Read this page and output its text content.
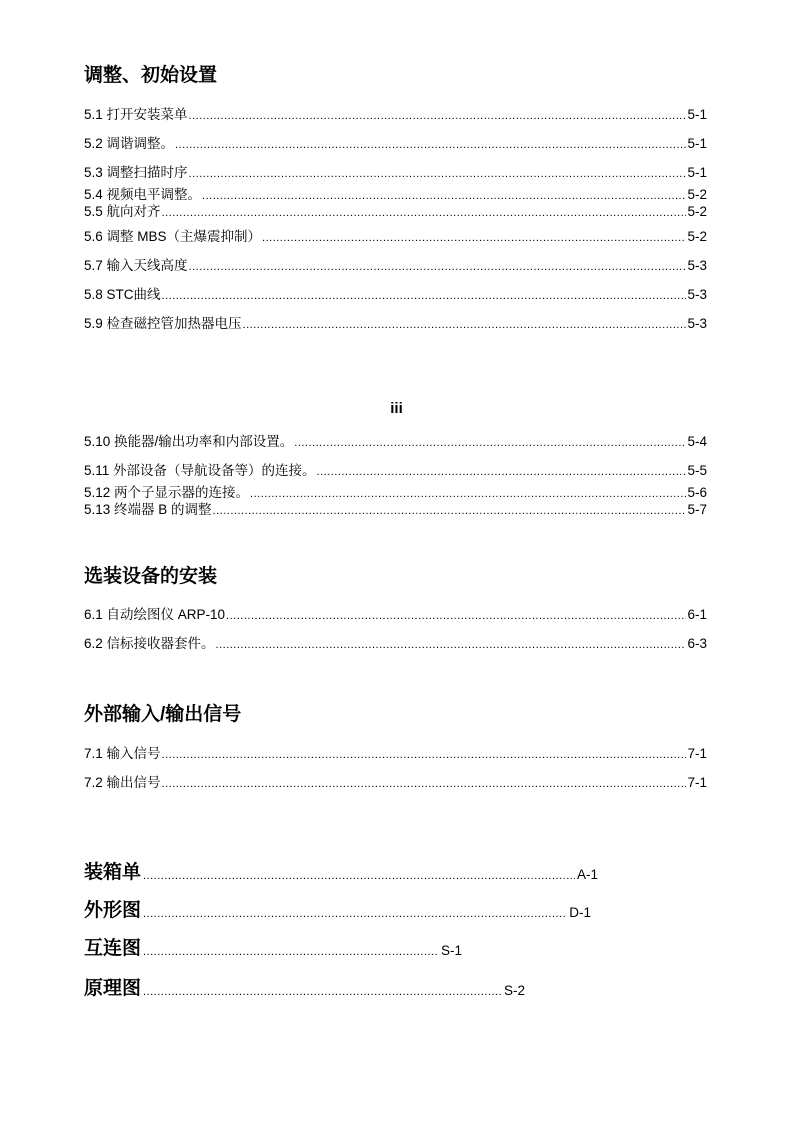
调整、初始设置
5.1 打开安装菜单 .....	5-1
5.2 调谐调整。 .....	5-1
5.3 调整扫描时序 .....	5-1
5.4 视频电平调整。 .....	5-2
5.5 航向对齐 .....	5-2
5.6 调整 MBS（主爆震抑制） .....	5-2
5.7 输入天线高度 .....	5-3
5.8 STC曲线 .....	5-3
5.9 检查磁控管加热器电压 .....	5-3
iii
5.10 换能器/输出功率和内部设置。 .....	5-4
5.11 外部设备（导航设备等）的连接。 .....	5-5
5.12 两个子显示器的连接。 .....	5-6
5.13 终端器 B 的调整 .....	5-7
选装设备的安装
6.1 自动绘图仪 ARP-10 .....	6-1
6.2 信标接收器套件。 .....	6-3
外部输入/输出信号
7.1 输入信号 .....	7-1
7.2 输出信号 .....	7-1
装箱单 .....	A-1
外形图 .....	D-1
互连图 .....	S-1
原理图 .....	S-2
